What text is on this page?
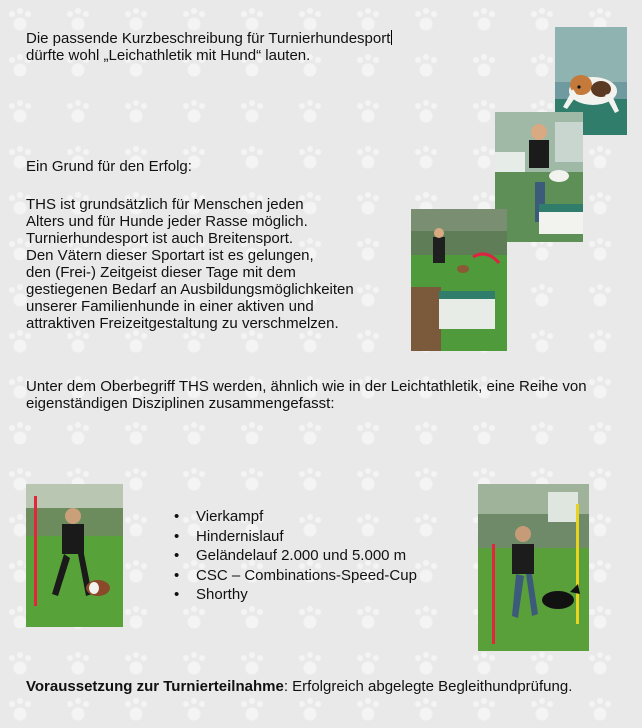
Die passende Kurzbeschreibung für Turnierhundesport
dürfte wohl „Leichathletik mit Hund“ lauten.
Ein Grund für den Erfolg:
THS ist grundsätzlich für Menschen jeden
Alters und für Hunde jeder Rasse möglich.
Turnierhundesport ist auch Breitensport.
Den Vätern dieser Sportart ist es gelungen,
den (Frei-) Zeitgeist dieser Tage mit dem
gestiegenen Bedarf an Ausbildungsmöglichkeiten
unserer Familienhunde in einer aktiven und
attraktiven Freizeitgestaltung zu verschmelzen.
Unter dem Oberbegriff THS werden, ähnlich wie in der Leichtathletik, eine Reihe von
eigenständigen Disziplinen zusammengefasst:
• Vierkampf
• Hindernislauf
• Geländelauf 2.000 und 5.000 m
• CSC – Combinations-Speed-Cup
• Shorthy
Voraussetzung zur Turnierteilnahme: Erfolgreich abgelegte Begleithundprüfung.
